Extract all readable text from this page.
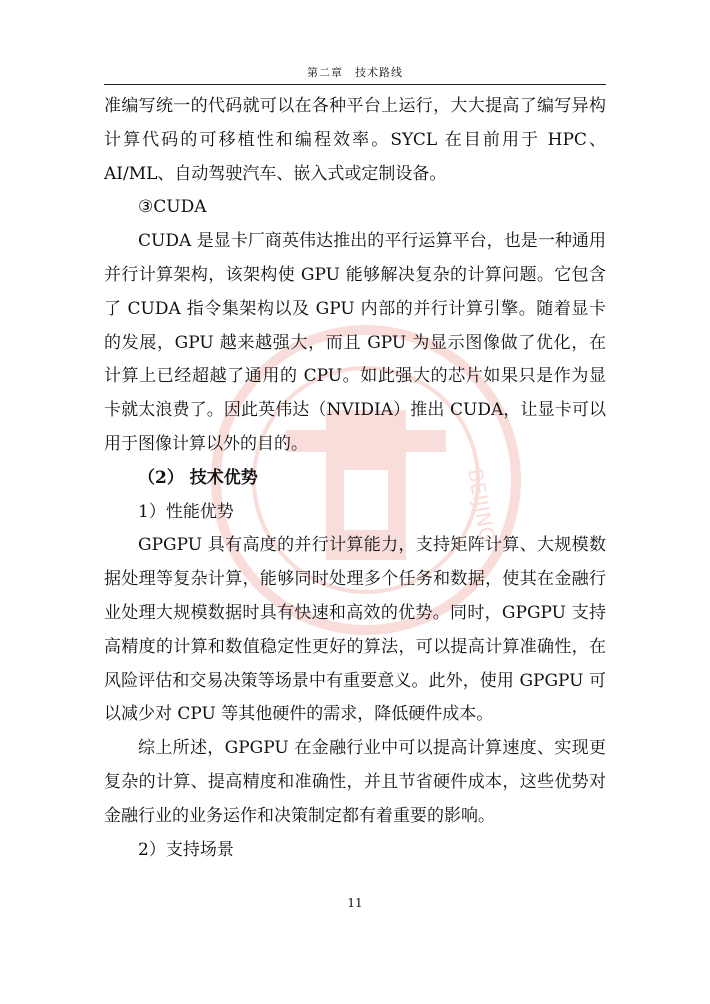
第二章　技术路线
BEIJING

准编写统一的代码就可以在各种平台上运行，大大提高了编写异构计算代码的可移植性和编程效率。SYCL 在目前用于 HPC、AI/ML、自动驾驶汽车、嵌入式或定制设备。

③CUDA

CUDA 是显卡厂商英伟达推出的平行运算平台，也是一种通用并行计算架构，该架构使 GPU 能够解决复杂的计算问题。它包含了 CUDA 指令集架构以及 GPU 内部的并行计算引擎。随着显卡的发展，GPU 越来越强大，而且 GPU 为显示图像做了优化，在计算上已经超越了通用的 CPU。如此强大的芯片如果只是作为显卡就太浪费了。因此英伟达（NVIDIA）推出 CUDA，让显卡可以用于图像计算以外的目的。

（2） 技术优势

1）性能优势

GPGPU 具有高度的并行计算能力，支持矩阵计算、大规模数据处理等复杂计算，能够同时处理多个任务和数据，使其在金融行业处理大规模数据时具有快速和高效的优势。同时，GPGPU 支持高精度的计算和数值稳定性更好的算法，可以提高计算准确性，在风险评估和交易决策等场景中有重要意义。此外，使用 GPGPU 可以减少对 CPU 等其他硬件的需求，降低硬件成本。

综上所述，GPGPU 在金融行业中可以提高计算速度、实现更复杂的计算、提高精度和准确性，并且节省硬件成本，这些优势对金融行业的业务运作和决策制定都有着重要的影响。

2）支持场景

11
